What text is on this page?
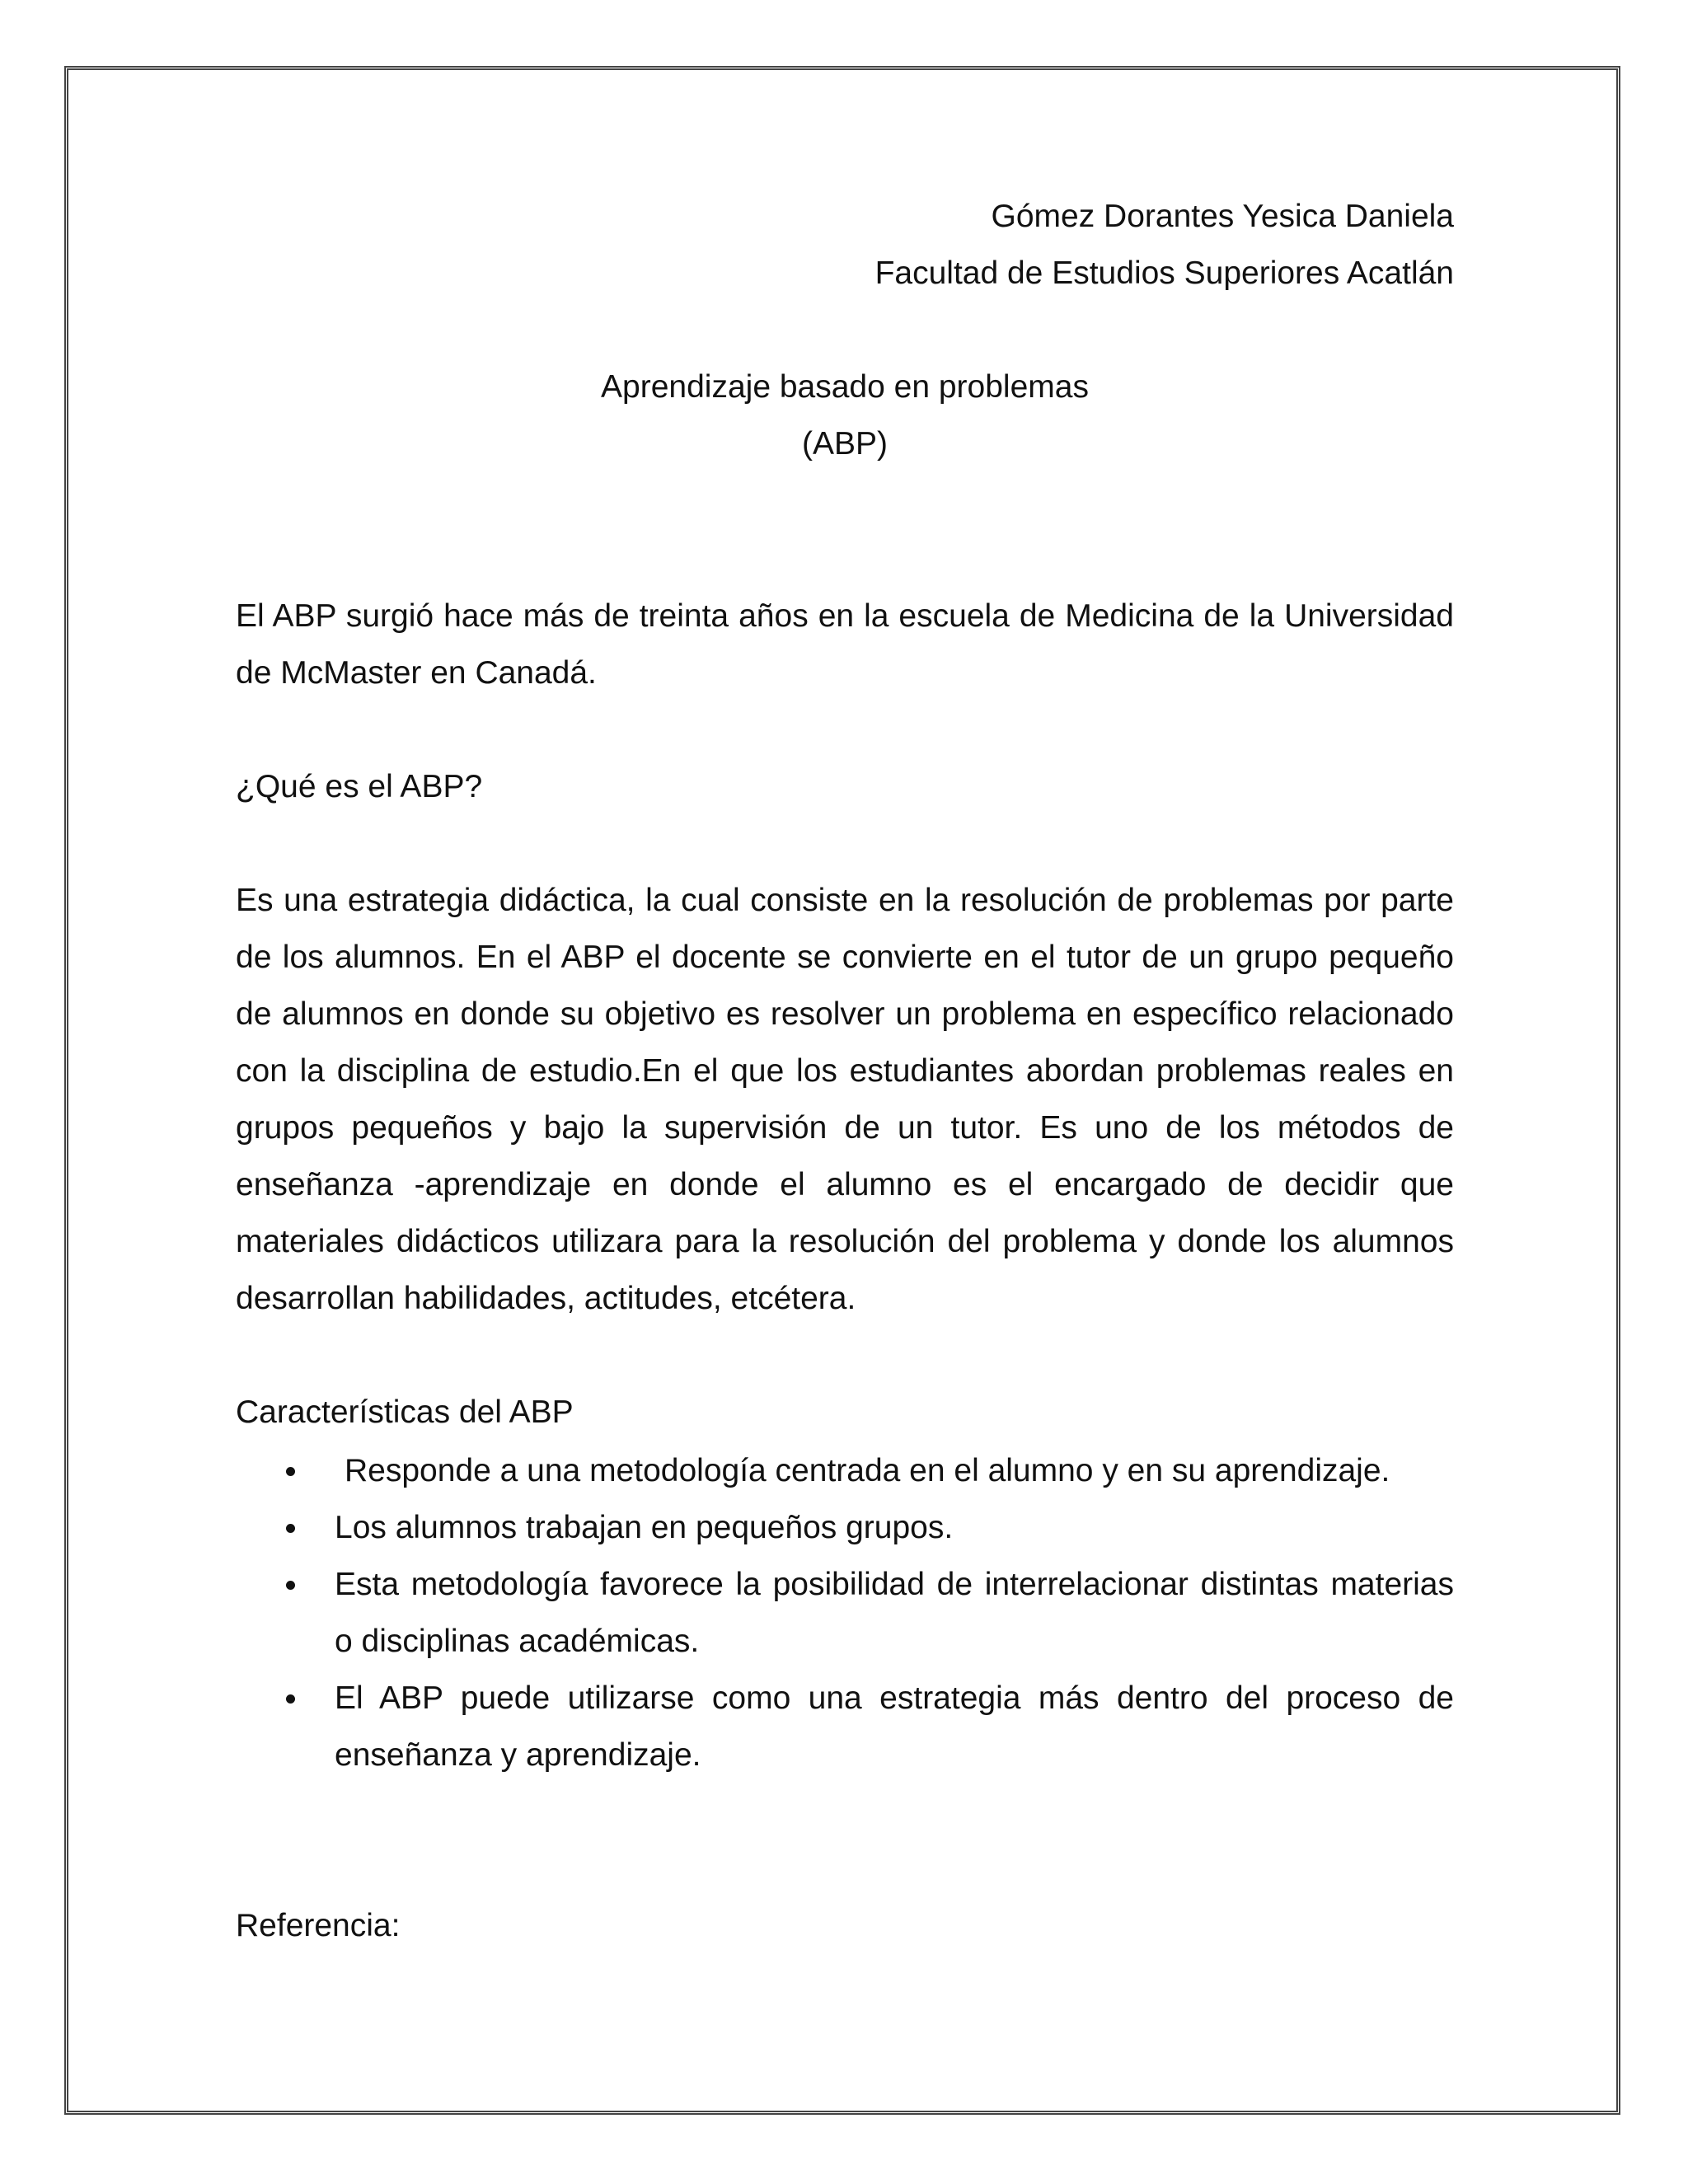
Gómez Dorantes Yesica Daniela

Facultad de Estudios Superiores Acatlán

Aprendizaje basado en problemas

(ABP)

El ABP surgió hace más de treinta años en la escuela de Medicina de la Universidad de McMaster en Canadá.

¿Qué es el ABP?

Es una estrategia didáctica, la cual consiste en la resolución de problemas por parte de los alumnos. En el ABP el docente se convierte en el tutor de un grupo pequeño de alumnos en donde su objetivo es resolver un problema en específico relacionado con la disciplina de estudio.En el que los estudiantes abordan problemas reales en grupos pequeños y bajo la supervisión de un tutor. Es uno de los métodos de enseñanza -aprendizaje en donde el alumno es el encargado de decidir que materiales didácticos utilizara para la resolución del problema y donde los alumnos desarrollan habilidades, actitudes, etcétera.

Características del ABP

Responde a una metodología centrada en el alumno y en su aprendizaje.
Los alumnos trabajan en pequeños grupos.
Esta metodología favorece la posibilidad de interrelacionar distintas materias o disciplinas académicas.
El ABP puede utilizarse como una estrategia más dentro del proceso de enseñanza y aprendizaje.

Referencia:
